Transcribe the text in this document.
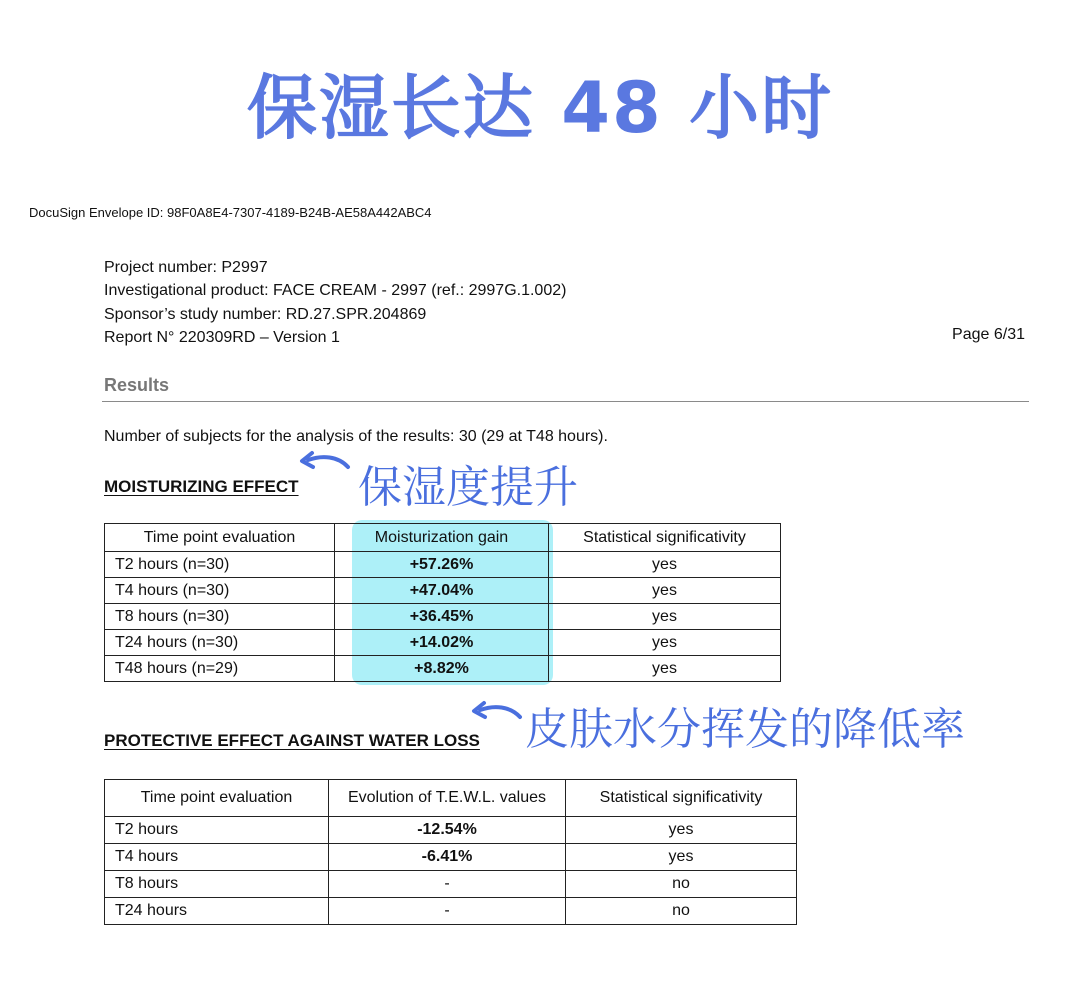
保湿长达 48 小时
DocuSign Envelope ID: 98F0A8E4-7307-4189-B24B-AE58A442ABC4
Project number: P2997
Investigational product: FACE CREAM - 2997 (ref.: 2997G.1.002)
Sponsor’s study number: RD.27.SPR.204869
Report N° 220309RD – Version 1	Page 6/31
Results
Number of subjects for the analysis of the results: 30 (29 at T48 hours).
MOISTURIZING EFFECT 保湿度提升
Time point evaluation	Moisturization gain	Statistical significativity
T2 hours (n=30)	+57.26%	yes
T4 hours (n=30)	+47.04%	yes
T8 hours (n=30)	+36.45%	yes
T24 hours (n=30)	+14.02%	yes
T48 hours (n=29)	+8.82%	yes
皮肤水分挥发的降低率
PROTECTIVE EFFECT AGAINST WATER LOSS
Time point evaluation	Evolution of T.E.W.L. values	Statistical significativity
T2 hours	-12.54%	yes
T4 hours	-6.41%	yes
T8 hours	-	no
T24 hours	-	no
